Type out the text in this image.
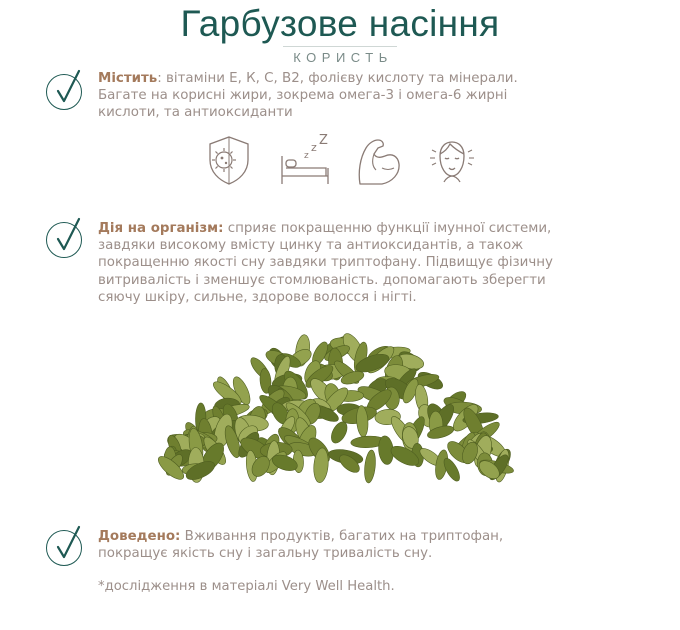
Гарбузове насіння
КОРИСТЬ
Містить: вітаміни Е, К, С, В2, фолієву кислоту та мінерали. Багате на корисні жири, зокрема омега-3 і омега-6 жирні кислоти, та антиоксиданти
z
z Z
Дія на організм: сприяє покращенню функції імунної системи, завдяки високому вмісту цинку та антиоксидантів, а також покращенню якості сну завдяки триптофану. Підвищує фізичну витривалість і зменшує стомлюваність. допомагають зберегти сяючу шкіру, сильне, здорове волосся і нігті.
Доведено: Вживання продуктів, багатих на триптофан, покращує якість сну і загальну тривалість сну.
*дослідження в матеріалі Very Well Health.
